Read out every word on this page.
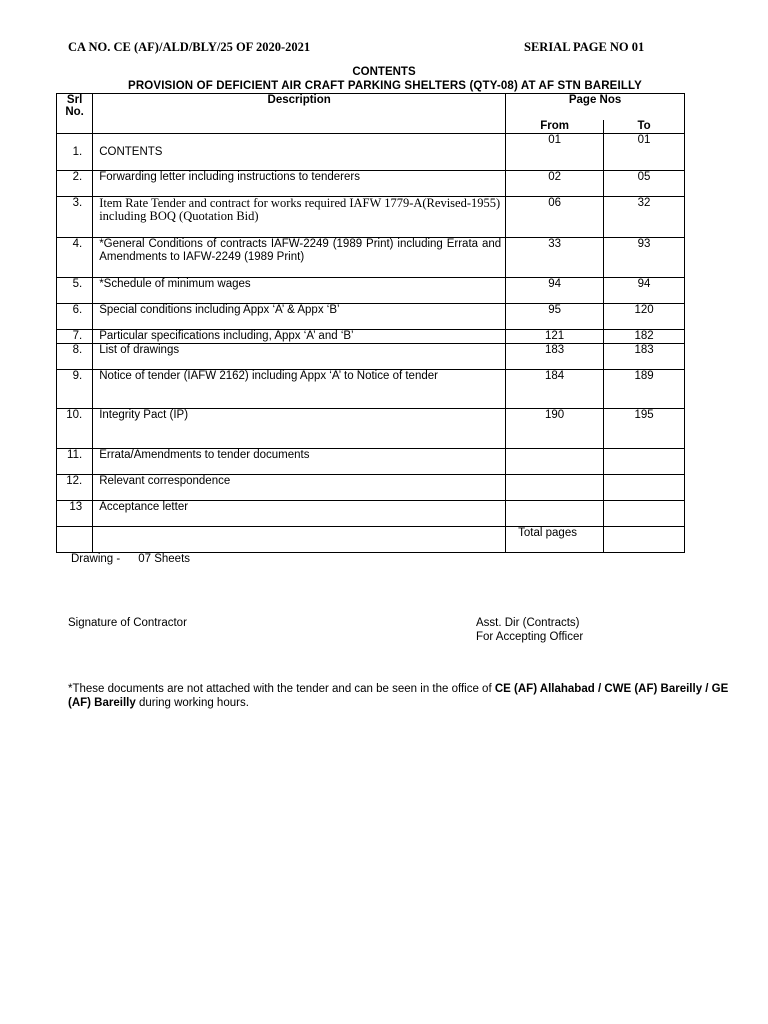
CA NO. CE (AF)/ALD/BLY/25 OF 2020-2021	SERIAL PAGE NO 01
CONTENTS
PROVISION OF DEFICIENT AIR CRAFT PARKING SHELTERS (QTY-08) AT AF STN BAREILLY
Srl No.	Description	Page Nos	
		From	To
1.	CONTENTS	01	01
2.	Forwarding letter including instructions to tenderers	02	05
3.	Item Rate Tender and contract for works required IAFW 1779-A(Revised-1955) including BOQ (Quotation Bid)	06	32
4.	*General Conditions of contracts IAFW-2249 (1989 Print) including Errata and Amendments to IAFW-2249 (1989 Print)	33	93
5.	*Schedule of minimum wages	94	94
6.	Special conditions including Appx ‘A’ & Appx ‘B’	95	120
7.	Particular specifications including, Appx ‘A’ and ‘B’	121	182
8.	List of drawings	183	183
9.	Notice of tender (IAFW 2162) including Appx ‘A’ to Notice of tender	184	189
10.	Integrity Pact (IP)	190	195
11.	Errata/Amendments to tender documents		
12.	Relevant correspondence		
13	Acceptance letter		
		Total pages	
Drawing - 07 Sheets
Signature of Contractor	Asst. Dir (Contracts)
For Accepting Officer
*These documents are not attached with the tender and can be seen in the office of CE (AF) Allahabad / CWE (AF) Bareilly / GE (AF) Bareilly during working hours.
